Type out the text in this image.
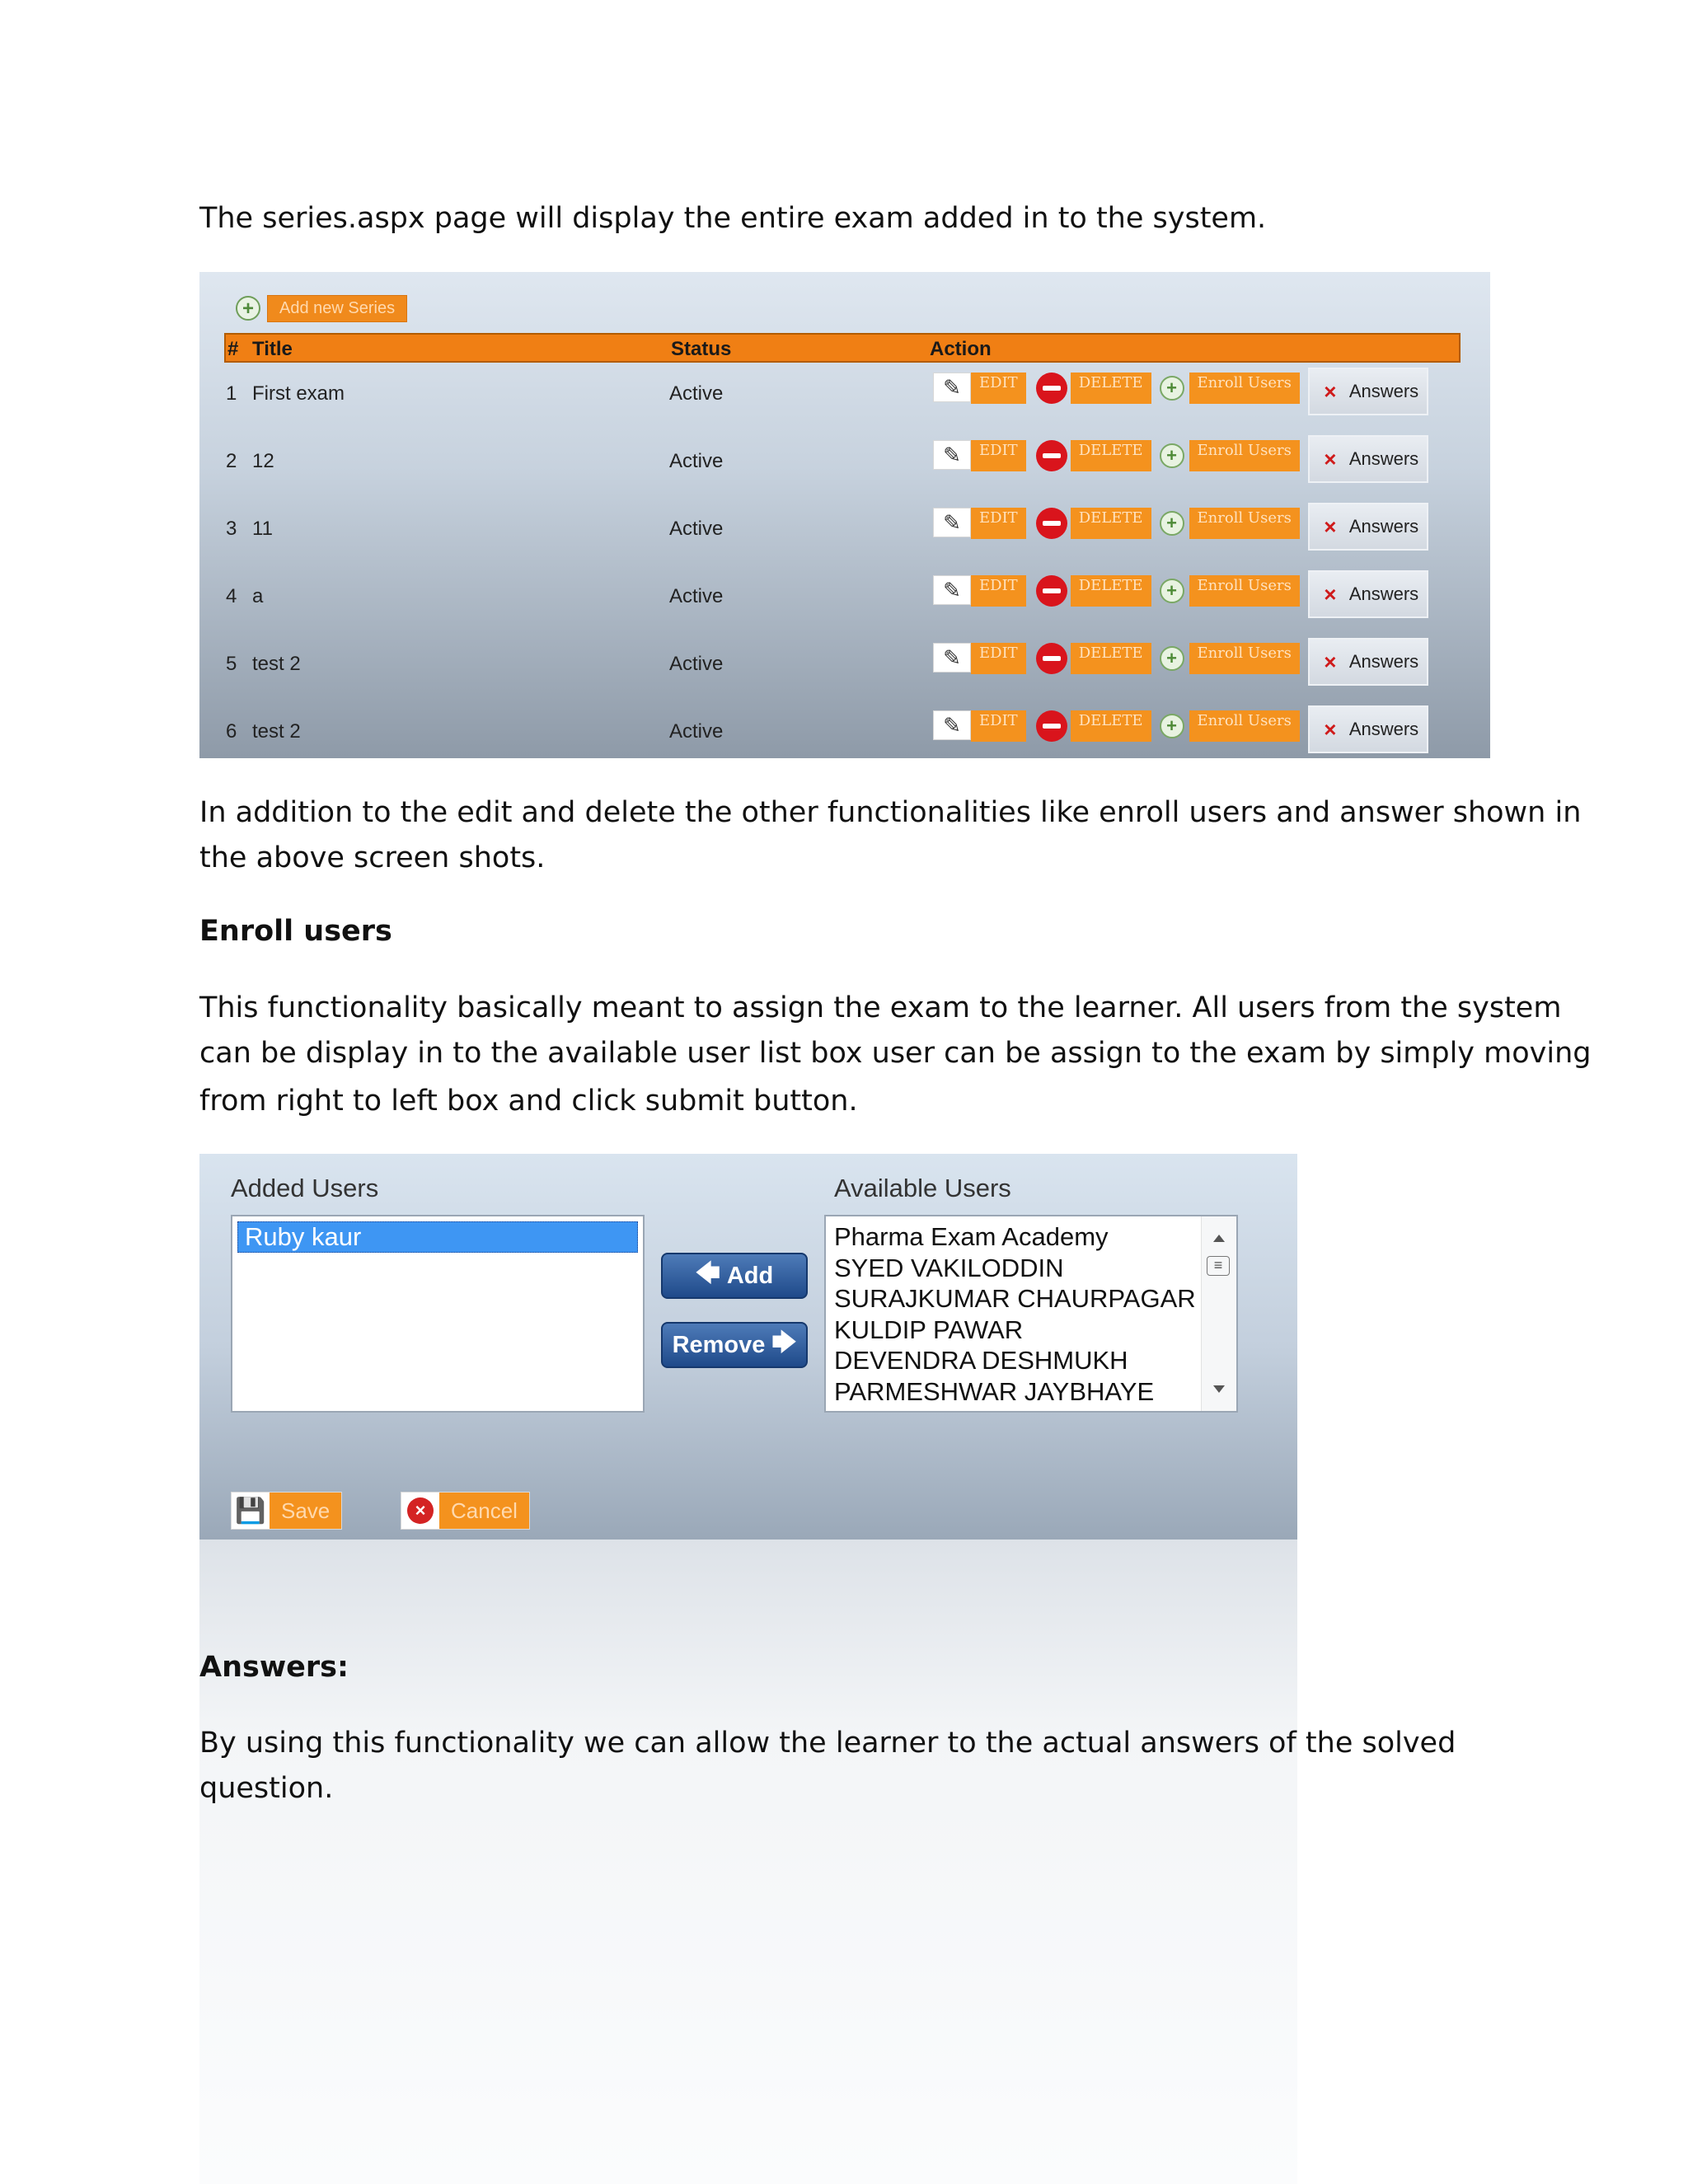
The series.aspx page will display the entire exam added in to the system.

+	Add new Series
# Title	Status	Action
1 First exam	Active	✎	EDIT	DELETE	+	Enroll Users	× Answers
2 12	Active	✎	EDIT	DELETE	+	Enroll Users	× Answers
3 11	Active	✎	EDIT	DELETE	+	Enroll Users	× Answers
4 a	Active	✎	EDIT	DELETE	+	Enroll Users	× Answers
5 test 2	Active	✎	EDIT	DELETE	+	Enroll Users	× Answers
6 test 2	Active	✎	EDIT	DELETE	+	Enroll Users	× Answers

In addition to the edit and delete the other functionalities like enroll users and answer shown in

the above screen shots.

Enroll users

This functionality basically meant to assign the exam to the learner. All users from the system

can be display in to the available user list box user can be assign to the exam by simply moving

from right to left box and click submit button.

Added Users	Available Users
Ruby kaur
🡄 Add
Remove 🡆
Pharma Exam Academy
SYED VAKILODDIN
SURAJKUMAR CHAURPAGAR
KULDIP PAWAR
DEVENDRA DESHMUKH
PARMESHWAR JAYBHAYE
≡
💾 Save	×	Cancel

Answers:

By using this functionality we can allow the learner to the actual answers of the solved

question.
